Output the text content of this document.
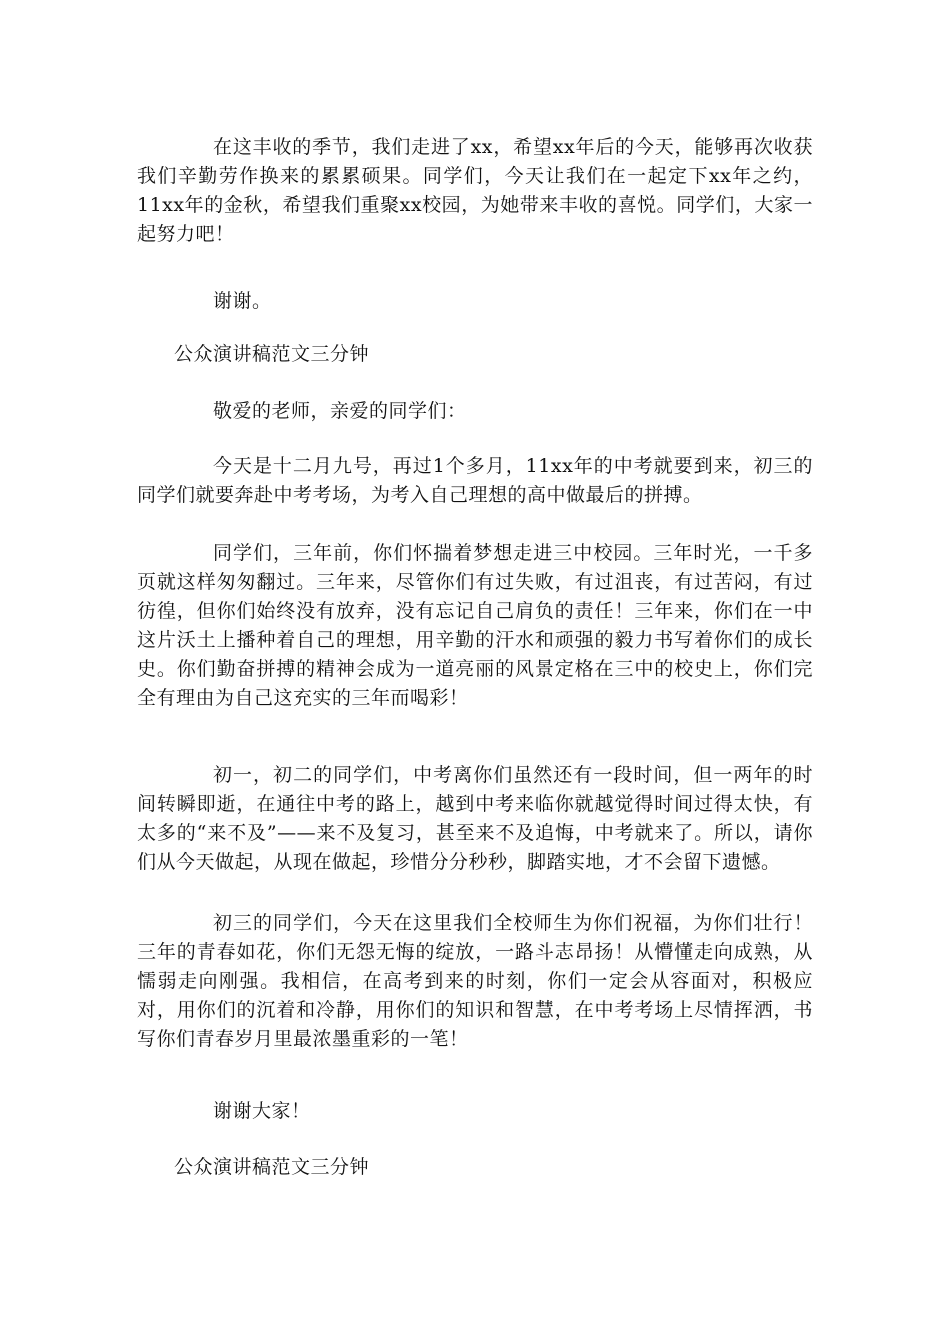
在这丰收的季节，我们走进了xx，希望xx年后的今天，能够再次收获我们辛勤劳作换来的累累硕果。同学们，今天让我们在一起定下xx年之约，11xx年的金秋，希望我们重聚xx校园，为她带来丰收的喜悦。同学们，大家一起努力吧！

谢谢。

公众演讲稿范文三分钟

敬爱的老师，亲爱的同学们：

今天是十二月九号，再过1个多月，11xx年的中考就要到来，初三的同学们就要奔赴中考考场，为考入自己理想的高中做最后的拼搏。

同学们，三年前，你们怀揣着梦想走进三中校园。三年时光，一千多页就这样匆匆翻过。三年来，尽管你们有过失败，有过沮丧，有过苦闷，有过彷徨，但你们始终没有放弃，没有忘记自己肩负的责任！三年来，你们在一中这片沃土上播种着自己的理想，用辛勤的汗水和顽强的毅力书写着你们的成长史。你们勤奋拼搏的精神会成为一道亮丽的风景定格在三中的校史上，你们完全有理由为自己这充实的三年而喝彩！

初一，初二的同学们，中考离你们虽然还有一段时间，但一两年的时间转瞬即逝，在通往中考的路上，越到中考来临你就越觉得时间过得太快，有太多的“来不及”——来不及复习，甚至来不及追悔，中考就来了。所以，请你们从今天做起，从现在做起，珍惜分分秒秒，脚踏实地，才不会留下遗憾。

初三的同学们，今天在这里我们全校师生为你们祝福，为你们壮行！三年的青春如花，你们无怨无悔的绽放，一路斗志昂扬！从懵懂走向成熟，从懦弱走向刚强。我相信，在高考到来的时刻，你们一定会从容面对，积极应对，用你们的沉着和冷静，用你们的知识和智慧，在中考考场上尽情挥洒，书写你们青春岁月里最浓墨重彩的一笔！

谢谢大家！

公众演讲稿范文三分钟
